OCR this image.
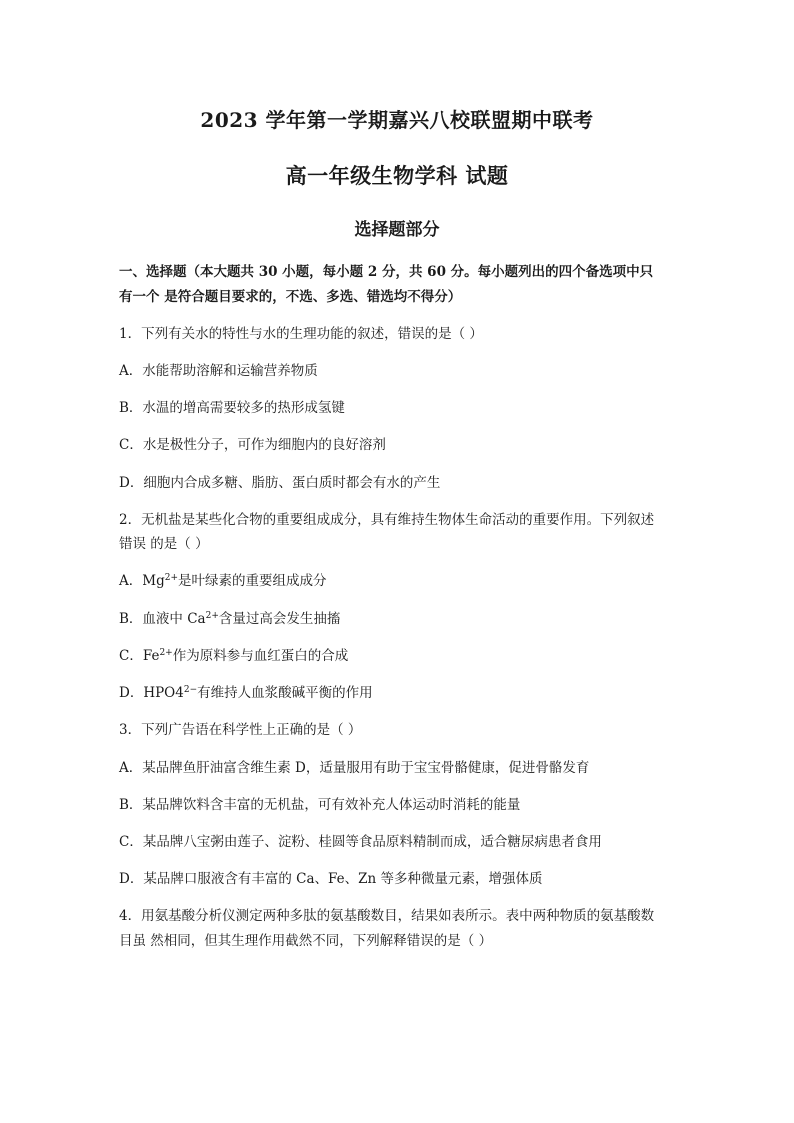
2023 学年第一学期嘉兴八校联盟期中联考
高一年级生物学科 试题
选择题部分
一、选择题（本大题共 30 小题，每小题 2 分，共 60 分。每小题列出的四个备选项中只
有一个 是符合题目要求的，不选、多选、错选均不得分）
1．下列有关水的特性与水的生理功能的叙述，错误的是（ ）
A．水能帮助溶解和运输营养物质
B．水温的增高需要较多的热形成氢键
C．水是极性分子，可作为细胞内的良好溶剂
D．细胞内合成多糖、脂肪、蛋白质时都会有水的产生
2．无机盐是某些化合物的重要组成成分，具有维持生物体生命活动的重要作用。下列叙述
错误 的是（ ）
A．$Mg^{2+}$是叶绿素的重要组成成分
B．血液中 $Ca^{2+}$含量过高会发生抽搐
C．$Fe^{2+}$作为原料参与血红蛋白的合成
D．$HPO4^{2-}$有维持人血浆酸碱平衡的作用
3．下列广告语在科学性上正确的是（ ）
A．某品牌鱼肝油富含维生素 D，适量服用有助于宝宝骨骼健康，促进骨骼发育
B．某品牌饮料含丰富的无机盐，可有效补充人体运动时消耗的能量
C．某品牌八宝粥由莲子、淀粉、桂圆等食品原料精制而成，适合糖尿病患者食用
D．某品牌口服液含有丰富的 Ca、Fe、Zn 等多种微量元素，增强体质
4．用氨基酸分析仪测定两种多肽的氨基酸数目，结果如表所示。表中两种物质的氨基酸数
目虽 然相同，但其生理作用截然不同，下列解释错误的是（ ）
